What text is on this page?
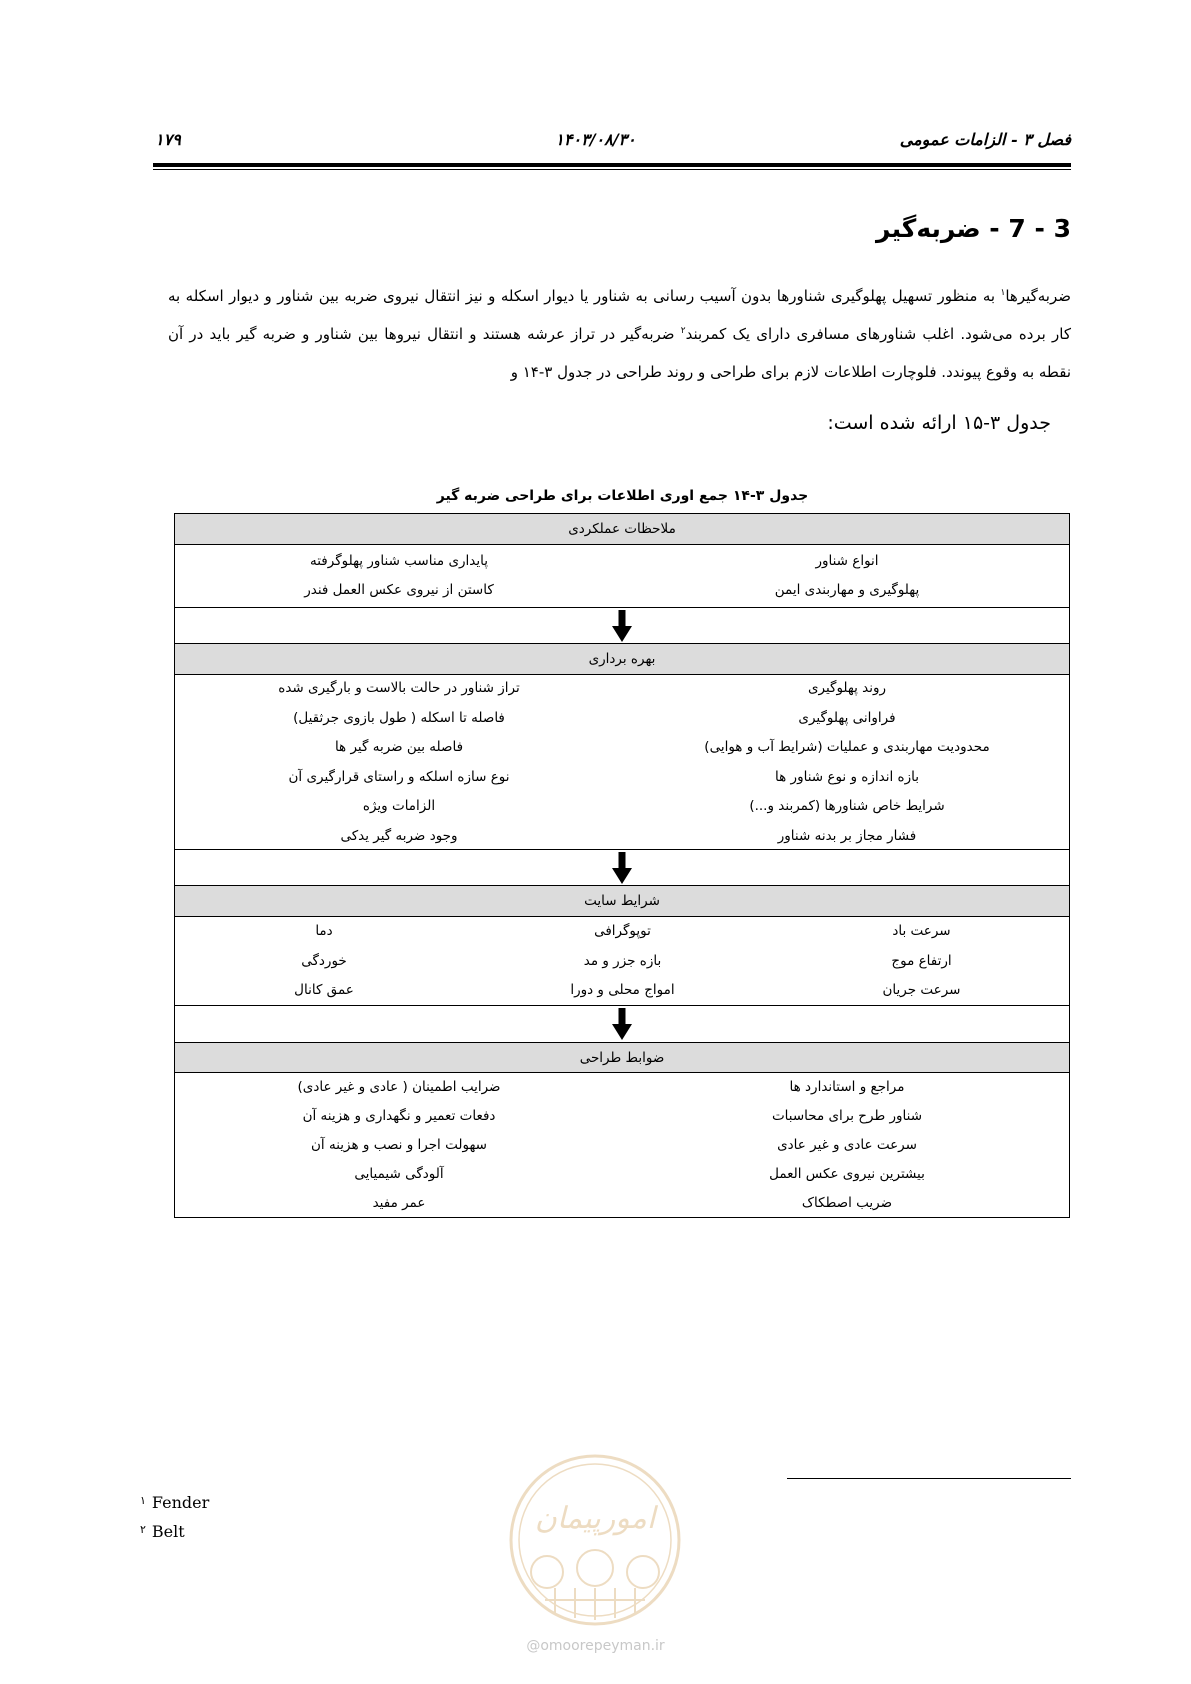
فصل ۳ - الزامات عمومی
۱۴۰۳/۰۸/۳۰
۱۷۹
3 - 7 - ضربه‌گیر
ضربه‌گیرها$^۱$ به منظور تسهیل پهلوگیری شناورها بدون آسیب رسانی به شناور یا دیوار اسکله و نیز انتقال نیروی ضربه بین شناور و دیوار اسکله به کار برده می‌شود. اغلب شناورهای مسافری دارای یک کمربند$^۲$ ضربه‌گیر در تراز عرشه هستند و انتقال نیروها بین شناور و ضربه گیر باید در آن نقطه به وقوع پیوندد. فلوچارت اطلاعات لازم برای طراحی و روند طراحی در جدول ۳-۱۴ و
جدول ۳-۱۵ ارائه شده است:
جدول ۳-۱۴ جمع اوری اطلاعات برای طراحی ضربه گیر
ملاحظات عملکردی
انواع شناور
پهلوگیری و مهاربندی ایمن
پایداری مناسب شناور پهلوگرفته
کاستن از نیروی عکس العمل فندر
بهره برداری
روند پهلوگیری
فراوانی پهلوگیری
محدودیت مهاربندی و عملیات (شرایط آب و هوایی)
بازه اندازه و نوع شناور ها
شرایط خاص شناورها (کمربند و...)
فشار مجاز بر بدنه شناور
تراز شناور در حالت بالاست و بارگیری شده
فاصله تا اسکله ( طول بازوی جرثقیل)
فاصله بین ضربه گیر ها
نوع سازه اسلکه و راستای قرارگیری آن
الزامات ویژه
وجود ضربه گیر یدکی
شرایط سایت
سرعت باد
ارتفاع موج
سرعت جریان
توپوگرافی
بازه جزر و مد
امواج محلی و دورا
دما
خوردگی
عمق کانال
ضوابط طراحی
مراجع و استاندارد ها
شناور طرح برای محاسبات
سرعت عادی و غیر عادی
بیشترین نیروی عکس العمل
ضریب اصطکاک
ضرایب اطمینان ( عادی و غیر عادی)
دفعات تعمیر و نگهداری و هزینه آن
سهولت اجرا و نصب و هزینه آن
آلودگی شیمیایی
عمر مفید
$^۱$ Fender
$^۲$ Belt	امورپیمان
@omoorepeyman.ir
